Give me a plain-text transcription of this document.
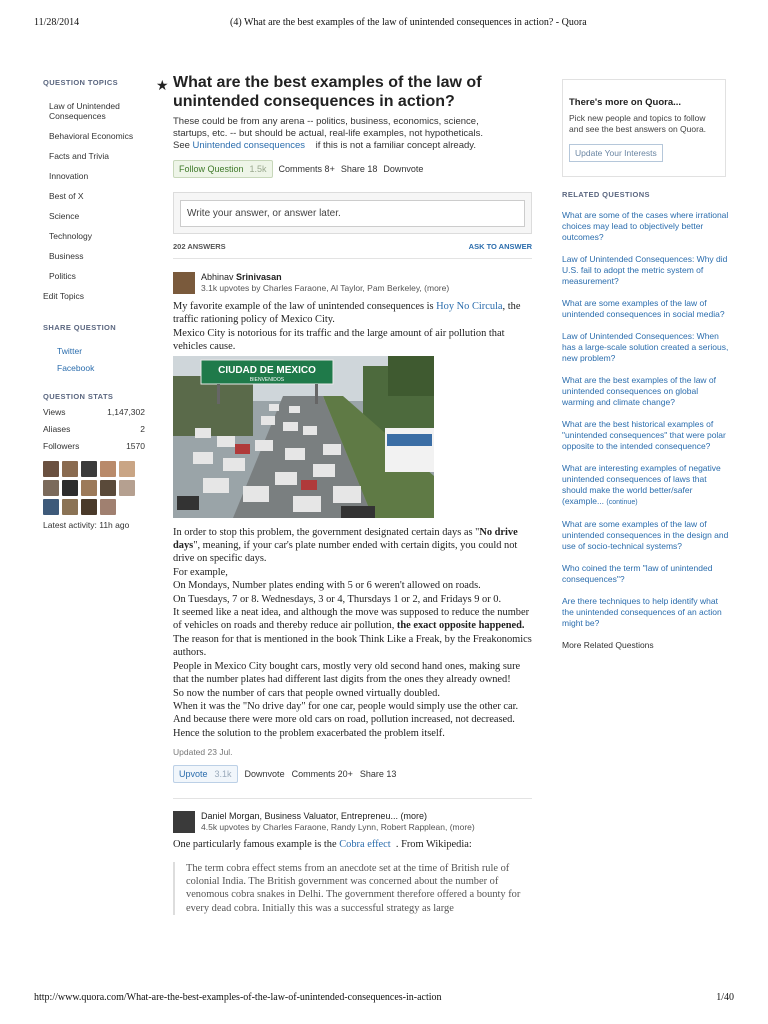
11/28/2014	(4) What are the best examples of the law of unintended consequences in action? - Quora
QUESTION TOPICS
Law of Unintended Consequences
Behavioral Economics
Facts and Trivia
Innovation
Best of X
Science
Technology
Business
Politics
Edit Topics
SHARE QUESTION
Twitter
Facebook
QUESTION STATS
Views	1,147,302
Aliases	2
Followers	1570
Latest activity: 11h ago
★ What are the best examples of the law of unintended consequences in action?
These could be from any arena -- politics, business, economics, science,
startups, etc. -- but should be actual, real-life examples, not hypotheticals.
See Unintended consequences if this is not a familiar concept already.
Follow Question 1.5k Comments 8+ Share 18 Downvote
Write your answer, or answer later.
202 ANSWERS	ASK TO ANSWER
Abhinav Srinivasan
3.1k upvotes by Charles Faraone, Al Taylor, Pam Berkeley, (more)
My favorite example of the law of unintended consequences is Hoy No Circula, the traffic rationing policy of Mexico City.
Mexico City is notorious for its traffic and the large amount of air pollution that vehicles cause.
CIUDAD DE MEXICO
BIENVENIDOS
In order to stop this problem, the government designated certain days as "No drive days", meaning, if your car's plate number ended with certain digits, you could not drive on specific days.
For example,
On Mondays, Number plates ending with 5 or 6 weren't allowed on roads.
On Tuesdays, 7 or 8. Wednesdays, 3 or 4, Thursdays 1 or 2, and Fridays 9 or 0.
It seemed like a neat idea, and although the move was supposed to reduce the number of vehicles on roads and thereby reduce air pollution, the exact opposite happened.
The reason for that is mentioned in the book Think Like a Freak, by the Freakonomics authors.
People in Mexico City bought cars, mostly very old second hand ones, making sure that the number plates had different last digits from the ones they already owned!
So now the number of cars that people owned virtually doubled.
When it was the "No drive day" for one car, people would simply use the other car.
And because there were more old cars on road, pollution increased, not decreased.
Hence the solution to the problem exacerbated the problem itself.
Updated 23 Jul.
Upvote 3.1k Downvote Comments 20+ Share 13
Daniel Morgan, Business Valuator, Entrepreneu... (more)
4.5k upvotes by Charles Faraone, Randy Lynn, Robert Rapplean, (more)
One particularly famous example is the Cobra effect . From Wikipedia:
The term cobra effect stems from an anecdote set at the time of British rule of colonial India. The British government was concerned about the number of venomous cobra snakes in Delhi. The government therefore offered a bounty for every dead cobra. Initially this was a successful strategy as large
There's more on Quora...
Pick new people and topics to follow and see the best answers on Quora.
Update Your Interests
RELATED QUESTIONS
What are some of the cases where irrational choices may lead to objectively better outcomes?
Law of Unintended Consequences: Why did U.S. fail to adopt the metric system of measurement?
What are some examples of the law of unintended consequences in social media?
Law of Unintended Consequences: When has a large-scale solution created a serious, new problem?
What are the best examples of the law of unintended consequences on global warming and climate change?
What are the best historical examples of "unintended consequences" that were polar opposite to the intended consequence?
What are interesting examples of negative unintended consequences of laws that should make the world better/safer (example... (continue)
What are some examples of the law of unintended consequences in the design and use of socio-technical systems?
Who coined the term "law of unintended consequences"?
Are there techniques to help identify what the unintended consequences of an action might be?
More Related Questions
http://www.quora.com/What-are-the-best-examples-of-the-law-of-unintended-consequences-in-action	1/40
